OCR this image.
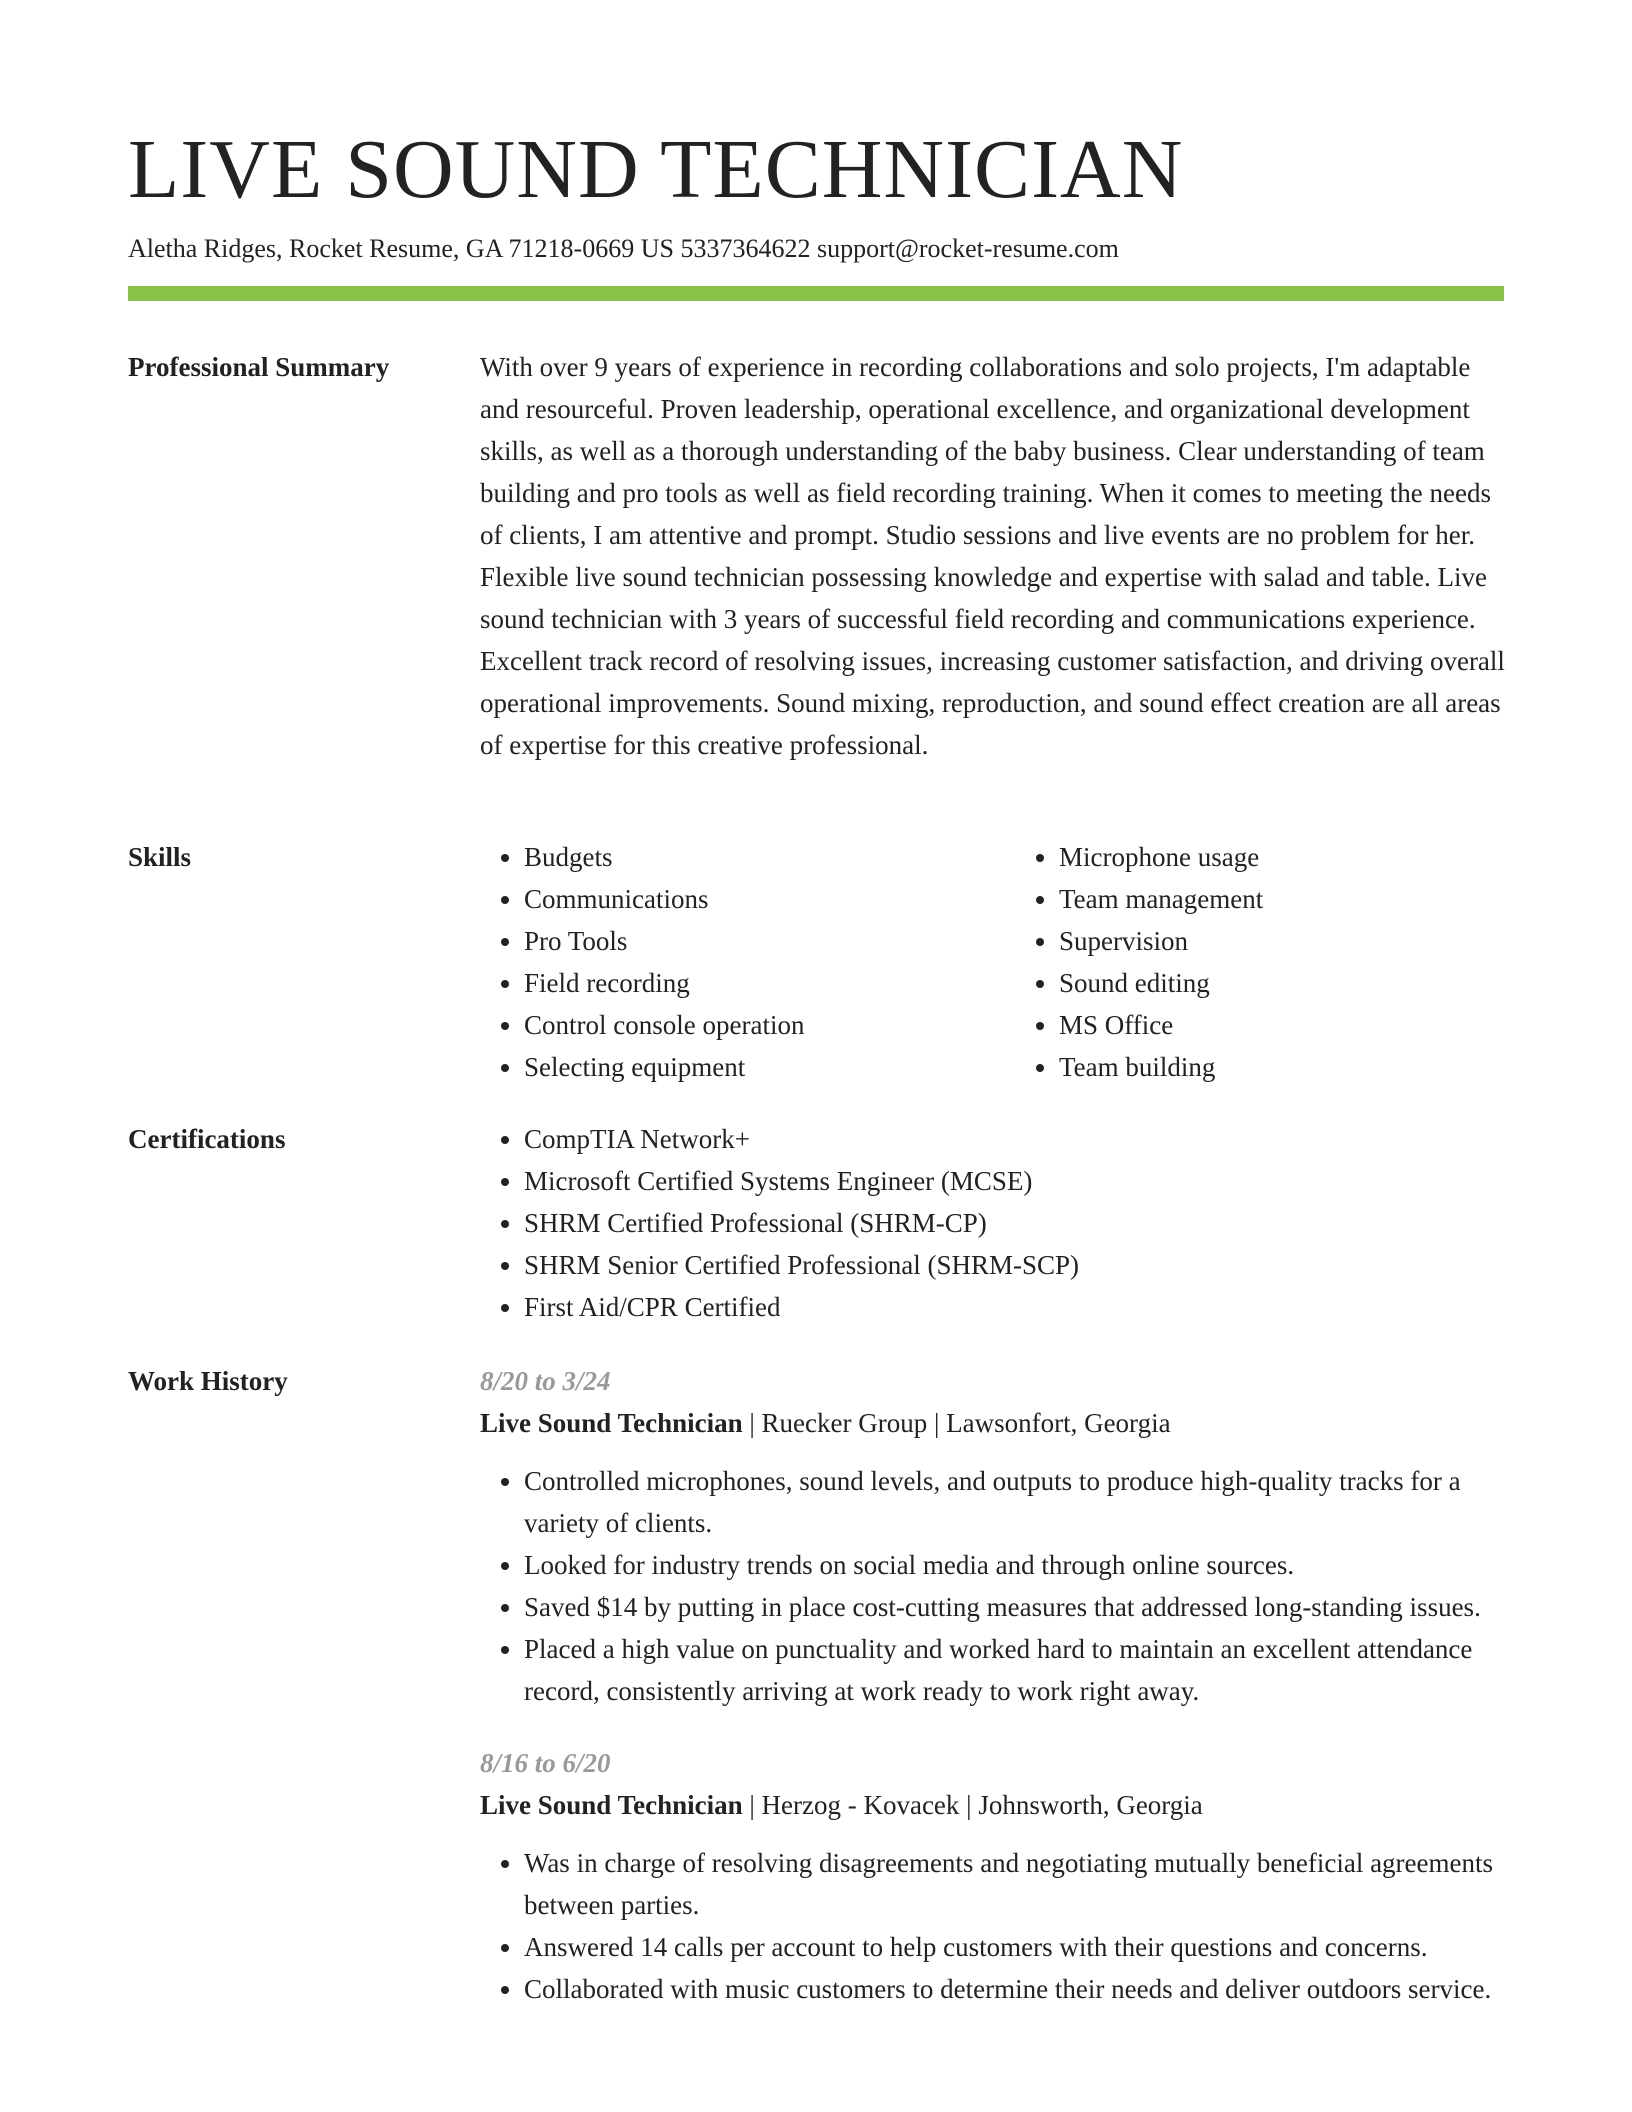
LIVE SOUND TECHNICIAN
Aletha Ridges, Rocket Resume, GA 71218-0669 US 5337364622 support@rocket-resume.com
Professional Summary	With over 9 years of experience in recording collaborations and solo projects, I'm adaptable and resourceful. Proven leadership, operational excellence, and organizational development skills, as well as a thorough understanding of the baby business. Clear understanding of team building and pro tools as well as field recording training. When it comes to meeting the needs of clients, I am attentive and prompt. Studio sessions and live events are no problem for her. Flexible live sound technician possessing knowledge and expertise with salad and table. Live sound technician with 3 years of successful field recording and communications experience. Excellent track record of resolving issues, increasing customer satisfaction, and driving overall operational improvements. Sound mixing, reproduction, and sound effect creation are all areas of expertise for this creative professional.

Skills	• Budgets
• Communications
• Pro Tools
• Field recording
• Control console operation
• Selecting equipment
• Microphone usage
• Team management
• Supervision
• Sound editing
• MS Office
• Team building
Certifications	• CompTIA Network+
• Microsoft Certified Systems Engineer (MCSE)
• SHRM Certified Professional (SHRM-CP)
• SHRM Senior Certified Professional (SHRM-SCP)
• First Aid/CPR Certified
Work History	8/20 to 3/24
Live Sound Technician | Ruecker Group | Lawsonfort, Georgia
• Controlled microphones, sound levels, and outputs to produce high-quality tracks for a variety of clients.
• Looked for industry trends on social media and through online sources.
• Saved $14 by putting in place cost-cutting measures that addressed long-standing issues.
• Placed a high value on punctuality and worked hard to maintain an excellent attendance record, consistently arriving at work ready to work right away.
8/16 to 6/20
Live Sound Technician | Herzog - Kovacek | Johnsworth, Georgia
• Was in charge of resolving disagreements and negotiating mutually beneficial agreements between parties.
• Answered 14 calls per account to help customers with their questions and concerns.
• Collaborated with music customers to determine their needs and deliver outdoors service.
